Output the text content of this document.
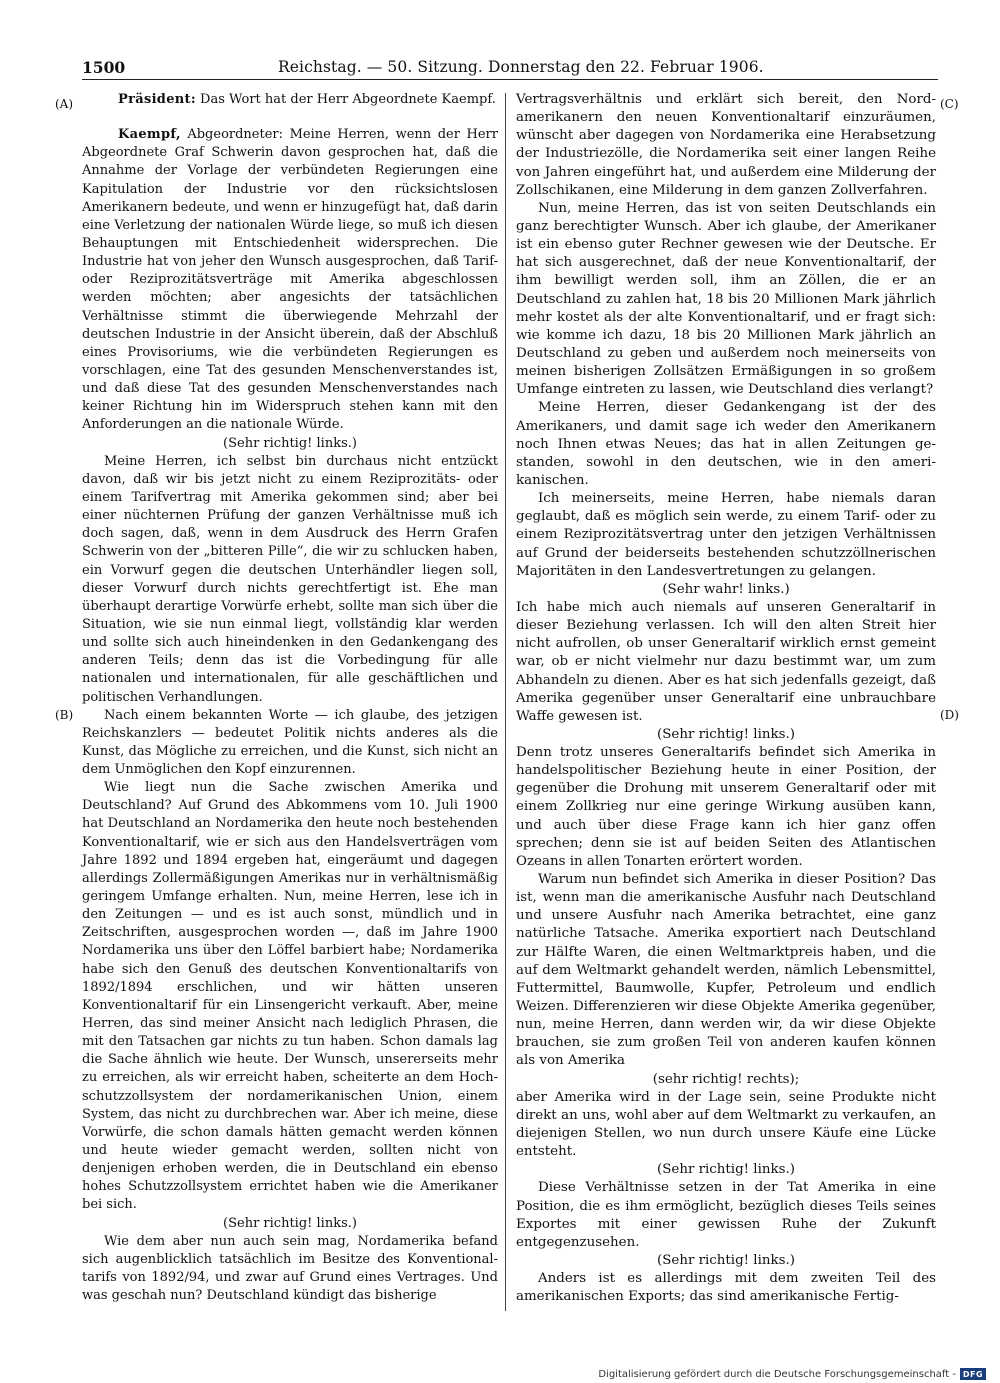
1500	Reichstag. — 50. Sitzung. Donnerstag den 22. Februar 1906.
(A)
(B)
(C)
(D)

Präsident: Das Wort hat der Herr Abgeordnete Kaempf.

Kaempf, Abgeordneter: Meine Herren, wenn der Herr Abgeordnete Graf Schwerin davon gesprochen hat, daß die Annahme der Vorlage der verbündeten Regierungen eine Kapitulation der Industrie vor den rücksichtslosen Amerikanern bedeute, und wenn er hinzugefügt hat, daß darin eine Verletzung der nationalen Würde liege, so muß ich diesen Behauptungen mit Entschiedenheit widersprechen. Die Industrie hat von jeher den Wunsch ausgesprochen, daß Tarif- oder Reziprozitätsverträge mit Amerika abgeschlossen werden möchten; aber angesichts der tatsächlichen Verhältnisse stimmt die überwiegende Mehrzahl der deutschen Industrie in der Ansicht überein, daß der Abschluß eines Provisoriums, wie die verbündeten Regierungen es vorschlagen, eine Tat des gesunden Menschenverstandes ist, und daß diese Tat des gesunden Menschenverstandes nach keiner Richtung hin im Widerspruch stehen kann mit den Anforderungen an die nationale Würde.

(Sehr richtig! links.)

Meine Herren, ich selbst bin durchaus nicht entzückt davon, daß wir bis jetzt nicht zu einem Reziprozitäts- oder einem Tarifvertrag mit Amerika gekommen sind; aber bei einer nüchternen Prüfung der ganzen Verhältnisse muß ich doch sagen, daß, wenn in dem Ausdruck des Herrn Grafen Schwerin von der „bitteren Pille“, die wir zu schlucken haben, ein Vorwurf gegen die deutschen Unterhändler liegen soll, dieser Vorwurf durch nichts gerechtfertigt ist. Ehe man überhaupt derartige Vorwürfe erhebt, sollte man sich über die Situation, wie sie nun einmal liegt, vollständig klar werden und sollte sich auch hineindenken in den Gedankengang des anderen Teils; denn das ist die Vorbedingung für alle nationalen und internationalen, für alle geschäftlichen und politischen Verhandlungen.

Nach einem bekannten Worte — ich glaube, des jetzigen Reichskanzlers — bedeutet Politik nichts anderes als die Kunst, das Mögliche zu erreichen, und die Kunst, sich nicht an dem Unmöglichen den Kopf einzurennen.

Wie liegt nun die Sache zwischen Amerika und Deutschland? Auf Grund des Abkommens vom 10. Juli 1900 hat Deutschland an Nordamerika den heute noch bestehenden Konventionaltarif, wie er sich aus den Handelsverträgen vom Jahre 1892 und 1894 ergeben hat, eingeräumt und dagegen allerdings Zollermäßigungen Amerikas nur in verhältnismäßig geringem Umfange erhalten. Nun, meine Herren, lese ich in den Zeitungen — und es ist auch sonst, mündlich und in Zeitschriften, ausgesprochen worden —, daß im Jahre 1900 Nordamerika uns über den Löffel barbiert habe; Nordamerika habe sich den Genuß des deutschen Konventionaltarifs von 1892/1894 erschlichen, und wir hätten unseren Konventionaltarif für ein Linsengericht verkauft. Aber, meine Herren, das sind meiner Ansicht nach lediglich Phrasen, die mit den Tatsachen gar nichts zu tun haben. Schon damals lag die Sache ähnlich wie heute. Der Wunsch, unsererseits mehr zu erreichen, als wir erreicht haben, scheiterte an dem Hochschutzzollsystem der nordamerikanischen Union, einem System, das nicht zu durchbrechen war. Aber ich meine, diese Vorwürfe, die schon damals hätten gemacht werden können und heute wieder gemacht werden, sollten nicht von denjenigen erhoben werden, die in Deutschland ein ebenso hohes Schutzzollsystem errichtet haben wie die Amerikaner bei sich.

(Sehr richtig! links.)

Wie dem aber nun auch sein mag, Nordamerika befand sich augenblicklich tatsächlich im Besitze des Konventionaltarifs von 1892/94, und zwar auf Grund eines Vertrages. Und was geschah nun? Deutschland kündigt das bisherige

Vertragsverhältnis und erklärt sich bereit, den Nordamerikanern den neuen Konventionaltarif einzuräumen, wünscht aber dagegen von Nordamerika eine Herabsetzung der Industriezölle, die Nordamerika seit einer langen Reihe von Jahren eingeführt hat, und außerdem eine Milderung der Zollschikanen, eine Milderung in dem ganzen Zollverfahren.

Nun, meine Herren, das ist von seiten Deutschlands ein ganz berechtigter Wunsch. Aber ich glaube, der Amerikaner ist ein ebenso guter Rechner gewesen wie der Deutsche. Er hat sich ausgerechnet, daß der neue Konventionaltarif, der ihm bewilligt werden soll, ihm an Zöllen, die er an Deutschland zu zahlen hat, 18 bis 20 Millionen Mark jährlich mehr kostet als der alte Konventionaltarif, und er fragt sich: wie komme ich dazu, 18 bis 20 Millionen Mark jährlich an Deutschland zu geben und außerdem noch meinerseits von meinen bisherigen Zollsätzen Ermäßigungen in so großem Umfange eintreten zu lassen, wie Deutschland dies verlangt?

Meine Herren, dieser Gedankengang ist der des Amerikaners, und damit sage ich weder den Amerikanern noch Ihnen etwas Neues; das hat in allen Zeitungen gestanden, sowohl in den deutschen, wie in den amerikanischen.

Ich meinerseits, meine Herren, habe niemals daran geglaubt, daß es möglich sein werde, zu einem Tarif- oder zu einem Reziprozitätsvertrag unter den jetzigen Verhältnissen auf Grund der beiderseits bestehenden schutzzöllnerischen Majoritäten in den Landesvertretungen zu gelangen.

(Sehr wahr! links.)

Ich habe mich auch niemals auf unseren Generaltarif in dieser Beziehung verlassen. Ich will den alten Streit hier nicht aufrollen, ob unser Generaltarif wirklich ernst gemeint war, ob er nicht vielmehr nur dazu bestimmt war, um zum Abhandeln zu dienen. Aber es hat sich jedenfalls gezeigt, daß Amerika gegenüber unser Generaltarif eine unbrauchbare Waffe gewesen ist.

(Sehr richtig! links.)

Denn trotz unseres Generaltarifs befindet sich Amerika in handelspolitischer Beziehung heute in einer Position, der gegenüber die Drohung mit unserem Generaltarif oder mit einem Zollkrieg nur eine geringe Wirkung ausüben kann, und auch über diese Frage kann ich hier ganz offen sprechen; denn sie ist auf beiden Seiten des Atlantischen Ozeans in allen Tonarten erörtert worden.

Warum nun befindet sich Amerika in dieser Position? Das ist, wenn man die amerikanische Ausfuhr nach Deutschland und unsere Ausfuhr nach Amerika betrachtet, eine ganz natürliche Tatsache. Amerika exportiert nach Deutschland zur Hälfte Waren, die einen Weltmarktpreis haben, und die auf dem Weltmarkt gehandelt werden, nämlich Lebensmittel, Futtermittel, Baumwolle, Kupfer, Petroleum und endlich Weizen. Differenzieren wir diese Objekte Amerika gegenüber, nun, meine Herren, dann werden wir, da wir diese Objekte brauchen, sie zum großen Teil von anderen kaufen können als von Amerika

(sehr richtig! rechts);

aber Amerika wird in der Lage sein, seine Produkte nicht direkt an uns, wohl aber auf dem Weltmarkt zu verkaufen, an diejenigen Stellen, wo nun durch unsere Käufe eine Lücke entsteht.

(Sehr richtig! links.)

Diese Verhältnisse setzen in der Tat Amerika in eine Position, die es ihm ermöglicht, bezüglich dieses Teils seines Exportes mit einer gewissen Ruhe der Zukunft entgegenzusehen.

(Sehr richtig! links.)

Anders ist es allerdings mit dem zweiten Teil des amerikanischen Exports; das sind amerikanische Fertig-

Digitalisierung gefördert durch die Deutsche Forschungsgemeinschaft - DFG
